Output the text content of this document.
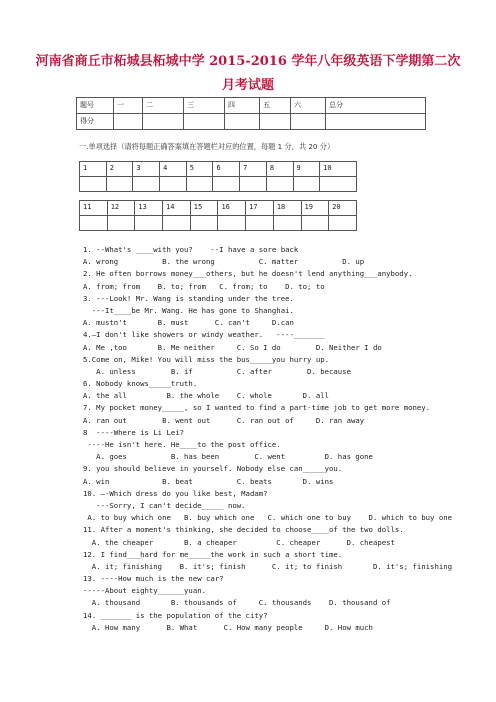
河南省商丘市柘城县柘城中学 2015-2016 学年八年级英语下学期第二次
月考试题
题号	一	二	三	四	五	六	总分
得分							
一.单项选择（请将每题正确答案填在答题栏对应的位置，每题 1 分，共 20 分）
1	2	3	4	5	6	7	8	9	10

11	12	13	14	15	16	17	18	19	20

1. --What's ____with you?    --I have a sore back
A. wrong          B. the wrong          C. matter          D. up
2. He often borrows money___others, but he doesn't lend anything___anybody.
A. from; from    B. to; from   C. from; to    D. to; to
3. ---Look! Mr. Wang is standing under the tree.
---It____be Mr. Wang. He has gone to Shanghai.
A. mustn't       B. must      C. can't     D.can
4.—I don't like showers or windy weather.   ----_______
A. Me ,too       B. Me neither     C. So I do        D. Neither I do
5.Come on, Mike! You will miss the bus_____you hurry up.
A. unless        B. if          C. after        D. because
6. Nobody knows_____truth.
A. the all         B. the whole    C. whole       D. all
7. My pocket money_____, so I wanted to find a part-time job to get more money.
A. ran out        B. went out      C. ran out of     D. ran away
8  ----Where is Li Lei?
----He isn't here. He____to the post office.
A. goes          B. has been        C. went         D. has gone
9. you should believe in yourself. Nobody else can_____you.
A. win            B. beat          C. beats       D. wins
10. –-Which dress do you like best, Madam?
---Sorry, I can't decide_____ now.
A. to buy which one   B. buy which one   C. which one to buy    D. which to buy one
11. After a moment's thinking, she decided to choose____of the two dolls.
A. the cheaper       B. a cheaper         C. cheaper      D. cheapest
12. I find___hard for me_____the work in such a short time.
A. it; finishing    B. it's; finish      C. it; to finish       D. it's; finishing
13. ----How much is the new car?
-----About eighty______yuan.
A. thousand       B. thousands of     C. thousands    D. thousand of
14. _______ is the population of the city?
A. How many      B. What      C. How many people     D. How much
